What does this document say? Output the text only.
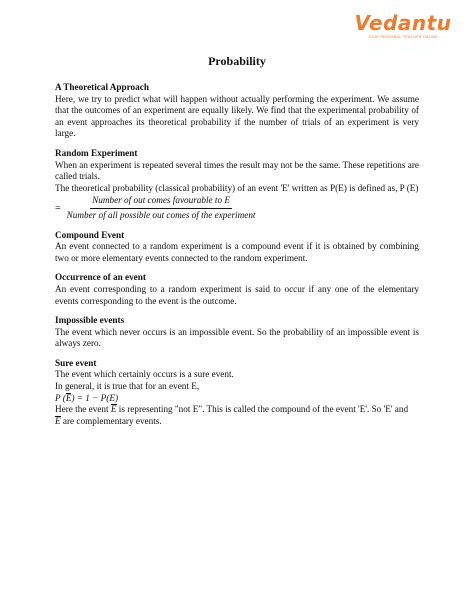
Vedantu
YOUR PERSONAL TEACHER ONLINE
Probability
A Theoretical Approach
Here, we try to predict what will happen without actually performing the experiment. We assume that the outcomes of an experiment are equally likely. We find that the experimental probability of an event approaches its theoretical probability if the number of trials of an experiment is very large.
Random Experiment
When an experiment is repeated several times the result may not be the same. These repetitions are called trials.
The theoretical probability (classical probability) of an event 'E' written as P(E) is defined as, P (E)
= $\frac{\text{Number of out comes favourable to E}}{\text{Number of all possible out comes of the experiment}}$
Compound Event
An event connected to a random experiment is a compound event if it is obtained by combining two or more elementary events connected to the random experiment.
Occurrence of an event
An event corresponding to a random experiment is said to occur if any one of the elementary events corresponding to the event is the outcome.
Impossible events
The event which never occurs is an impossible event. So the probability of an impossible event is always zero.
Sure event
The event which certainly occurs is a sure event.
In general, it is true that for an event E,
P (E) = 1 − P(E)
Here the event E is representing "not E". This is called the compound of the event 'E'. So 'E' and
E are complementary events.
